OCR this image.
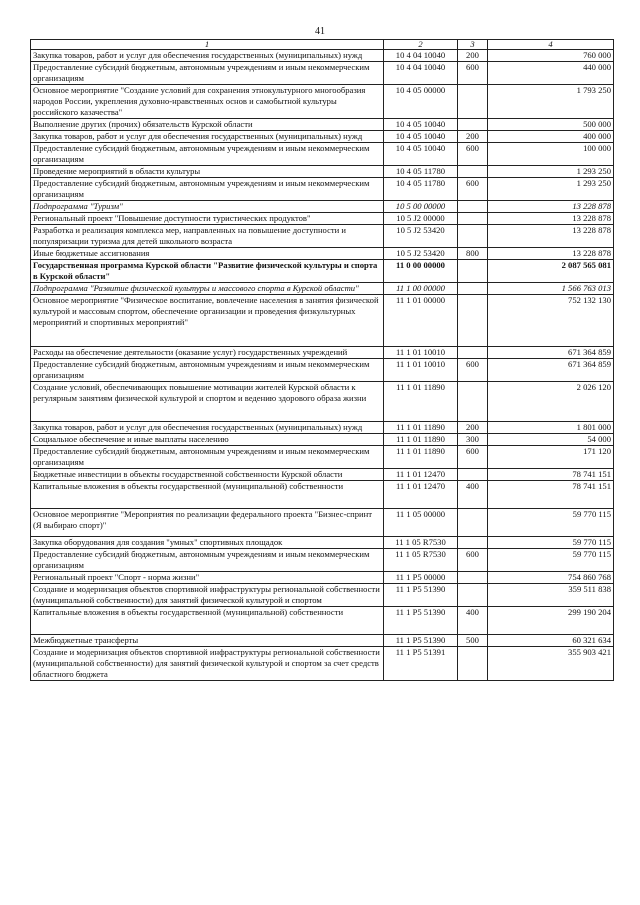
41
1	2	3	4
Закупка товаров, работ и услуг для обеспечения государственных (муниципальных) нужд	10 4 04 10040	200	760 000
Предоставление субсидий бюджетным, автономным учреждениям и иным некоммерческим организациям	10 4 04 10040	600	440 000
Основное мероприятие "Создание условий для сохранения этнокультурного многообразия народов России, укрепления духовно-нравственных основ и самобытной культуры российского казачества"	10 4 05 00000		1 793 250
Выполнение других (прочих) обязательств Курской области	10 4 05 10040		500 000
Закупка товаров, работ и услуг для обеспечения государственных (муниципальных) нужд	10 4 05 10040	200	400 000
Предоставление субсидий бюджетным, автономным учреждениям и иным некоммерческим организациям	10 4 05 10040	600	100 000
Проведение мероприятий в области культуры	10 4 05 11780		1 293 250
Предоставление субсидий бюджетным, автономным учреждениям и иным некоммерческим организациям	10 4 05 11780	600	1 293 250
Подпрограмма "Туризм"	10 5 00 00000		13 228 878
Региональный проект "Повышение доступности туристических продуктов"	10 5 J2 00000		13 228 878
Разработка и реализация комплекса мер, направленных на повышение доступности и популяризации туризма для детей школьного возраста	10 5 J2 53420		13 228 878
Иные бюджетные ассигнования	10 5 J2 53420	800	13 228 878
Государственная программа Курской области "Развитие физической культуры и спорта в Курской области"	11 0 00 00000		2 087 565 081
Подпрограмма "Развитие физической культуры и массового спорта в Курской области"	11 1 00 00000		1 566 763 013
Основное мероприятие "Физическое воспитание, вовлечение населения в занятия физической культурой и массовым спортом, обеспечение организации и проведения физкультурных мероприятий и спортивных мероприятий"	11 1 01 00000		752 132 130
Расходы на обеспечение деятельности (оказание услуг) государственных учреждений	11 1 01 10010		671 364 859
Предоставление субсидий бюджетным, автономным учреждениям и иным некоммерческим организациям	11 1 01 10010	600	671 364 859
Создание условий, обеспечивающих повышение мотивации жителей Курской области к регулярным занятиям физической культурой и спортом и ведению здорового образа жизни	11 1 01 11890		2 026 120
Закупка товаров, работ и услуг для обеспечения государственных (муниципальных) нужд	11 1 01 11890	200	1 801 000
Социальное обеспечение и иные выплаты населению	11 1 01 11890	300	54 000
Предоставление субсидий бюджетным, автономным учреждениям и иным некоммерческим организациям	11 1 01 11890	600	171 120
Бюджетные инвестиции в объекты государственной собственности Курской области	11 1 01 12470		78 741 151
Капитальные вложения в объекты государственной (муниципальной) собственности	11 1 01 12470	400	78 741 151
Основное мероприятие "Мероприятия по реализации федерального проекта "Бизнес-спринт (Я выбираю спорт)"	11 1 05 00000		59 770 115
Закупка оборудования для создания "умных" спортивных площадок	11 1 05 R7530		59 770 115
Предоставление субсидий бюджетным, автономным учреждениям и иным некоммерческим организациям	11 1 05 R7530	600	59 770 115
Региональный проект "Спорт - норма жизни"	11 1 P5 00000		754 860 768
Создание и модернизация объектов спортивной инфраструктуры региональной собственности (муниципальной собственности) для занятий физической культурой и спортом	11 1 P5 51390		359 511 838
Капитальные вложения в объекты государственной (муниципальной) собственности	11 1 P5 51390	400	299 190 204
Межбюджетные трансферты	11 1 P5 51390	500	60 321 634
Создание и модернизация объектов спортивной инфраструктуры региональной собственности (муниципальной собственности) для занятий физической культурой и спортом за счет средств областного бюджета	11 1 P5 51391		355 903 421
